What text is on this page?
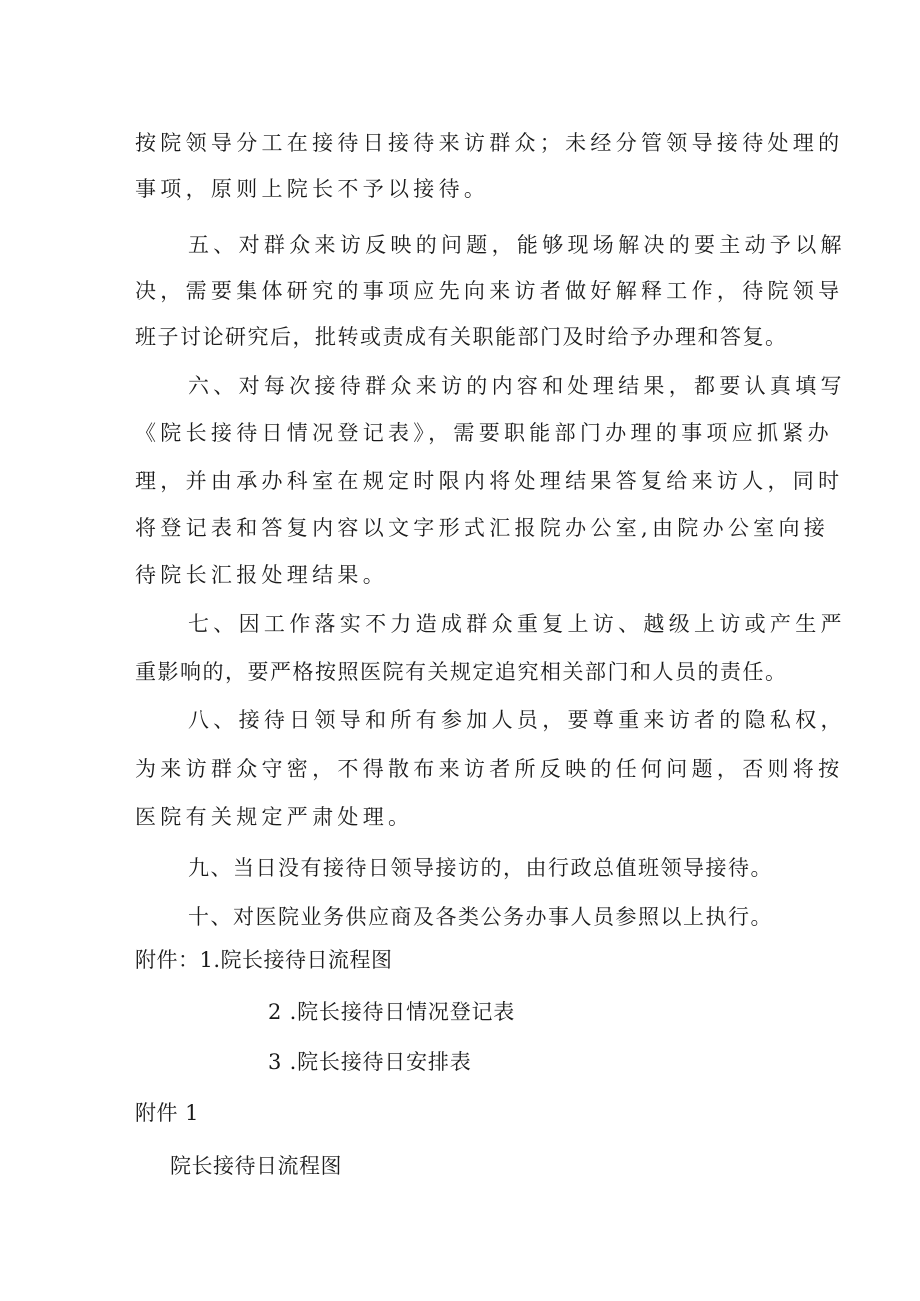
按院领导分工在接待日接待来访群众；未经分管领导接待处理的
事项，原则上院长不予以接待。
五、对群众来访反映的问题，能够现场解决的要主动予以解
决，需要集体研究的事项应先向来访者做好解释工作，待院领导
班子讨论研究后，批转或责成有关职能部门及时给予办理和答复。
六、对每次接待群众来访的内容和处理结果，都要认真填写
《院长接待日情况登记表》，需要职能部门办理的事项应抓紧办
理，并由承办科室在规定时限内将处理结果答复给来访人，同时
将登记表和答复内容以文字形式汇报院办公室,由院办公室向接
待院长汇报处理结果。
七、因工作落实不力造成群众重复上访、越级上访或产生严
重影响的，要严格按照医院有关规定追究相关部门和人员的责任。
八、接待日领导和所有参加人员，要尊重来访者的隐私权，
为来访群众守密，不得散布来访者所反映的任何问题，否则将按
医院有关规定严肃处理。
九、当日没有接待日领导接访的，由行政总值班领导接待。
十、对医院业务供应商及各类公务办事人员参照以上执行。
附件：1.院长接待日流程图
2 .院长接待日情况登记表
3 .院长接待日安排表
附件 1
院长接待日流程图
